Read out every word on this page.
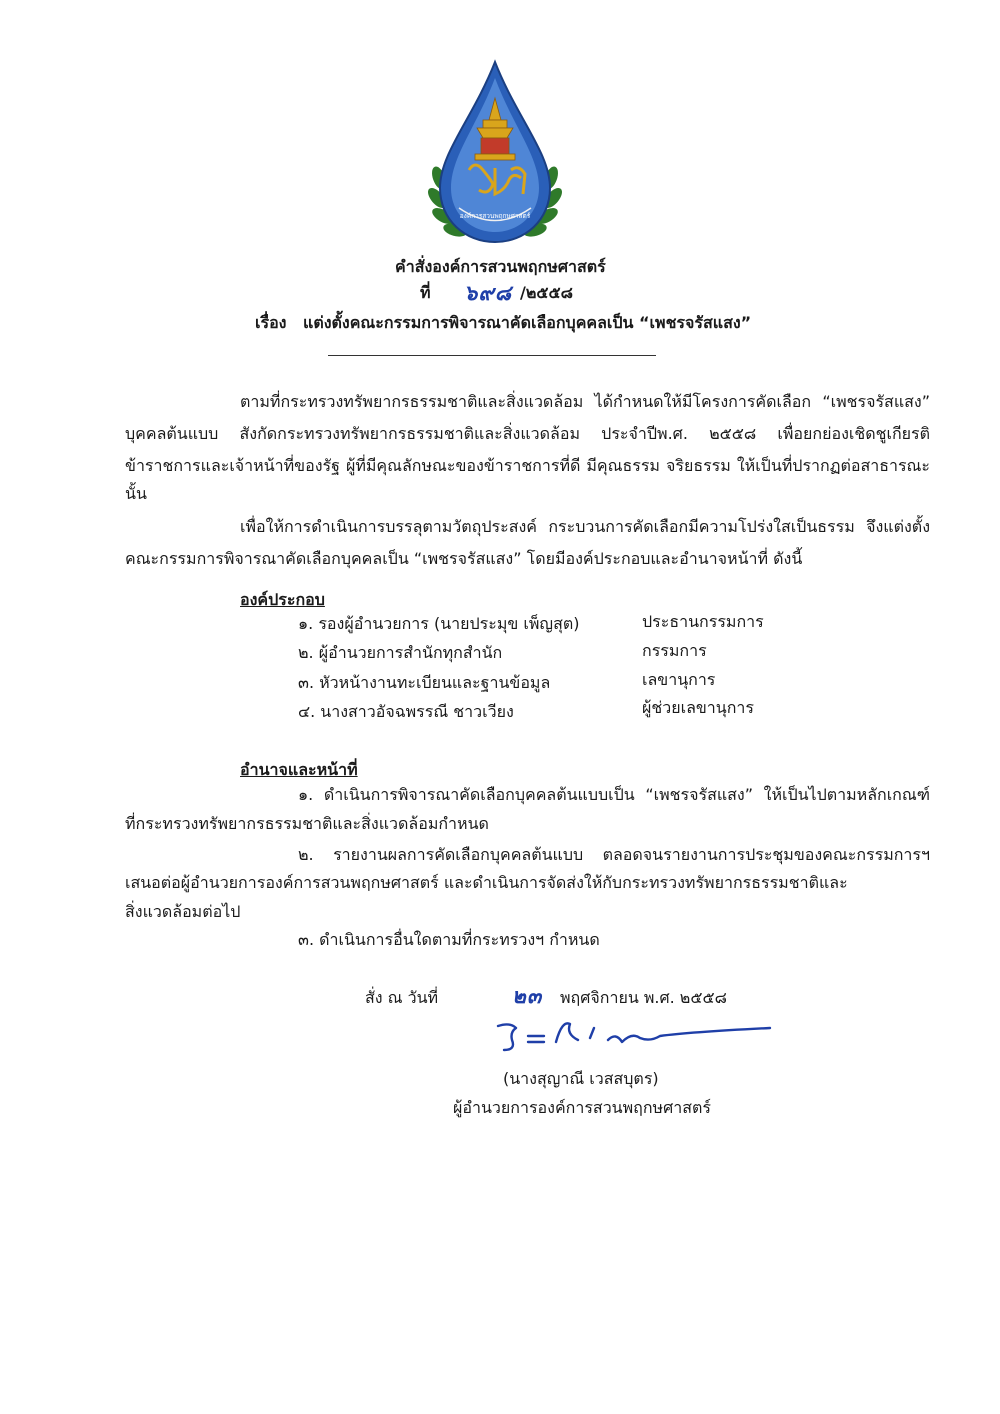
องค์การสวนพฤกษศาสตร์
คำสั่งองค์การสวนพฤกษศาสตร์
ที่ ๖๙๘ /๒๕๕๘
เรื่อง แต่งตั้งคณะกรรมการพิจารณาคัดเลือกบุคคลเป็น “เพชรจรัสแสง”
ตามที่กระทรวงทรัพยากรธรรมชาติและสิ่งแวดล้อม ได้กำหนดให้มีโครงการคัดเลือก “เพชรจรัสแสง”
บุคคลต้นแบบ สังกัดกระทรวงทรัพยากรธรรมชาติและสิ่งแวดล้อม ประจำปีพ.ศ. ๒๕๕๘ เพื่อยกย่องเชิดชูเกียรติ
ข้าราชการและเจ้าหน้าที่ของรัฐ ผู้ที่มีคุณลักษณะของข้าราชการที่ดี มีคุณธรรม จริยธรรม ให้เป็นที่ปรากฏต่อสาธารณะ
นั้น
เพื่อให้การดำเนินการบรรลุตามวัตถุประสงค์ กระบวนการคัดเลือกมีความโปร่งใสเป็นธรรม จึงแต่งตั้ง
คณะกรรมการพิจารณาคัดเลือกบุคคลเป็น “เพชรจรัสแสง” โดยมีองค์ประกอบและอำนาจหน้าที่ ดังนี้
องค์ประกอบ
๑. รองผู้อำนวยการ (นายประมุข เพ็ญสุต)	ประธานกรรมการ
๒. ผู้อำนวยการสำนักทุกสำนัก	กรรมการ
๓. หัวหน้างานทะเบียนและฐานข้อมูล	เลขานุการ
๔. นางสาวอัจฉพรรณี ชาวเวียง	ผู้ช่วยเลขานุการ
อำนาจและหน้าที่
๑. ดำเนินการพิจารณาคัดเลือกบุคคลต้นแบบเป็น “เพชรจรัสแสง” ให้เป็นไปตามหลักเกณฑ์
ที่กระทรวงทรัพยากรธรรมชาติและสิ่งแวดล้อมกำหนด
๒. รายงานผลการคัดเลือกบุคคลต้นแบบ ตลอดจนรายงานการประชุมของคณะกรรมการฯ
เสนอต่อผู้อำนวยการองค์การสวนพฤกษศาสตร์ และดำเนินการจัดส่งให้กับกระทรวงทรัพยากรธรรมชาติและ
สิ่งแวดล้อมต่อไป
๓. ดำเนินการอื่นใดตามที่กระทรวงฯ กำหนด
สั่ง ณ วันที่	๒๓ พฤศจิกายน พ.ศ. ๒๕๕๘
(นางสุญาณี เวสสบุตร)
ผู้อำนวยการองค์การสวนพฤกษศาสตร์
